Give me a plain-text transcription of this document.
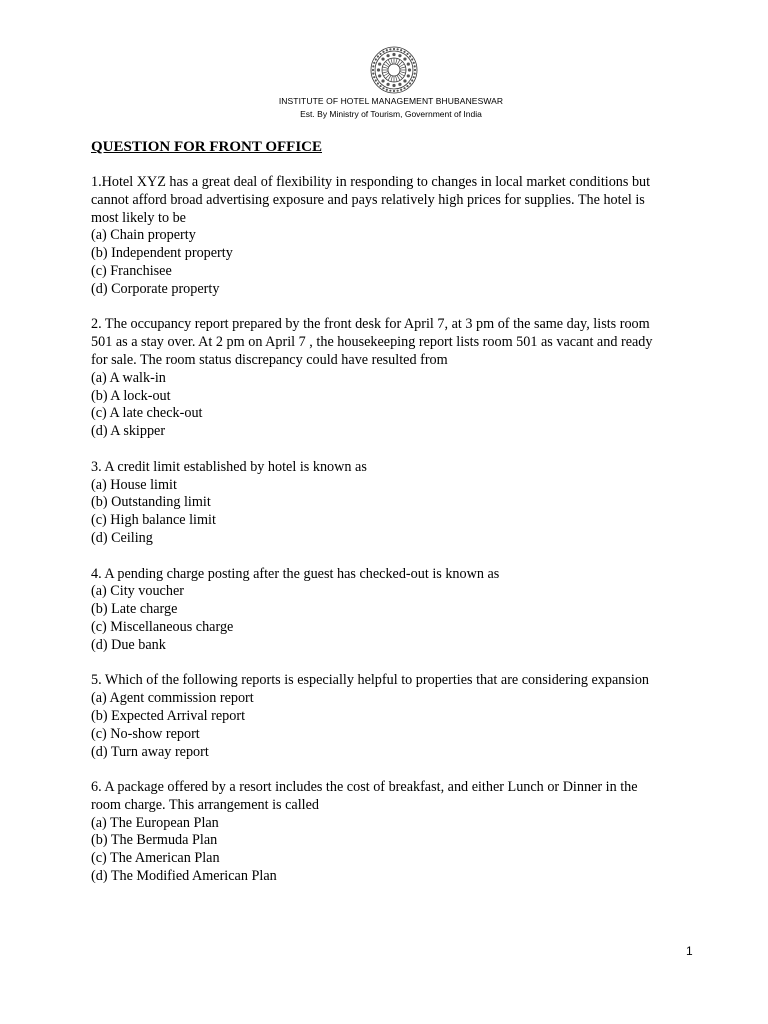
INSTITUTE OF HOTEL MANAGEMENT BHUBANESWAR
Est. By Ministry of Tourism, Government of India
QUESTION FOR FRONT OFFICE
1.Hotel XYZ has a great deal of flexibility in responding to changes in local market conditions but
cannot afford broad advertising exposure and pays relatively high prices for supplies. The hotel is
most likely to be
(a) Chain property
(b) Independent property
(c) Franchisee
(d) Corporate property
2. The occupancy report prepared by the front desk for April 7, at 3 pm of the same day, lists room
501 as a stay over. At 2 pm on April 7 , the housekeeping report lists room 501 as vacant and ready
for sale. The room status discrepancy could have resulted from
(a) A walk-in
(b) A lock-out
(c) A late check-out
(d) A skipper
3. A credit limit established by hotel is known as
(a) House limit
(b) Outstanding limit
(c) High balance limit
(d) Ceiling
4. A pending charge posting after the guest has checked-out is known as
(a) City voucher
(b) Late charge
(c) Miscellaneous charge
(d) Due bank
5. Which of the following reports is especially helpful to properties that are considering expansion
(a) Agent commission report
(b) Expected Arrival report
(c) No-show report
(d) Turn away report
6. A package offered by a resort includes the cost of breakfast, and either Lunch or Dinner in the
room charge. This arrangement is called
(a) The European Plan
(b) The Bermuda Plan
(c) The American Plan
(d) The Modified American Plan
1
